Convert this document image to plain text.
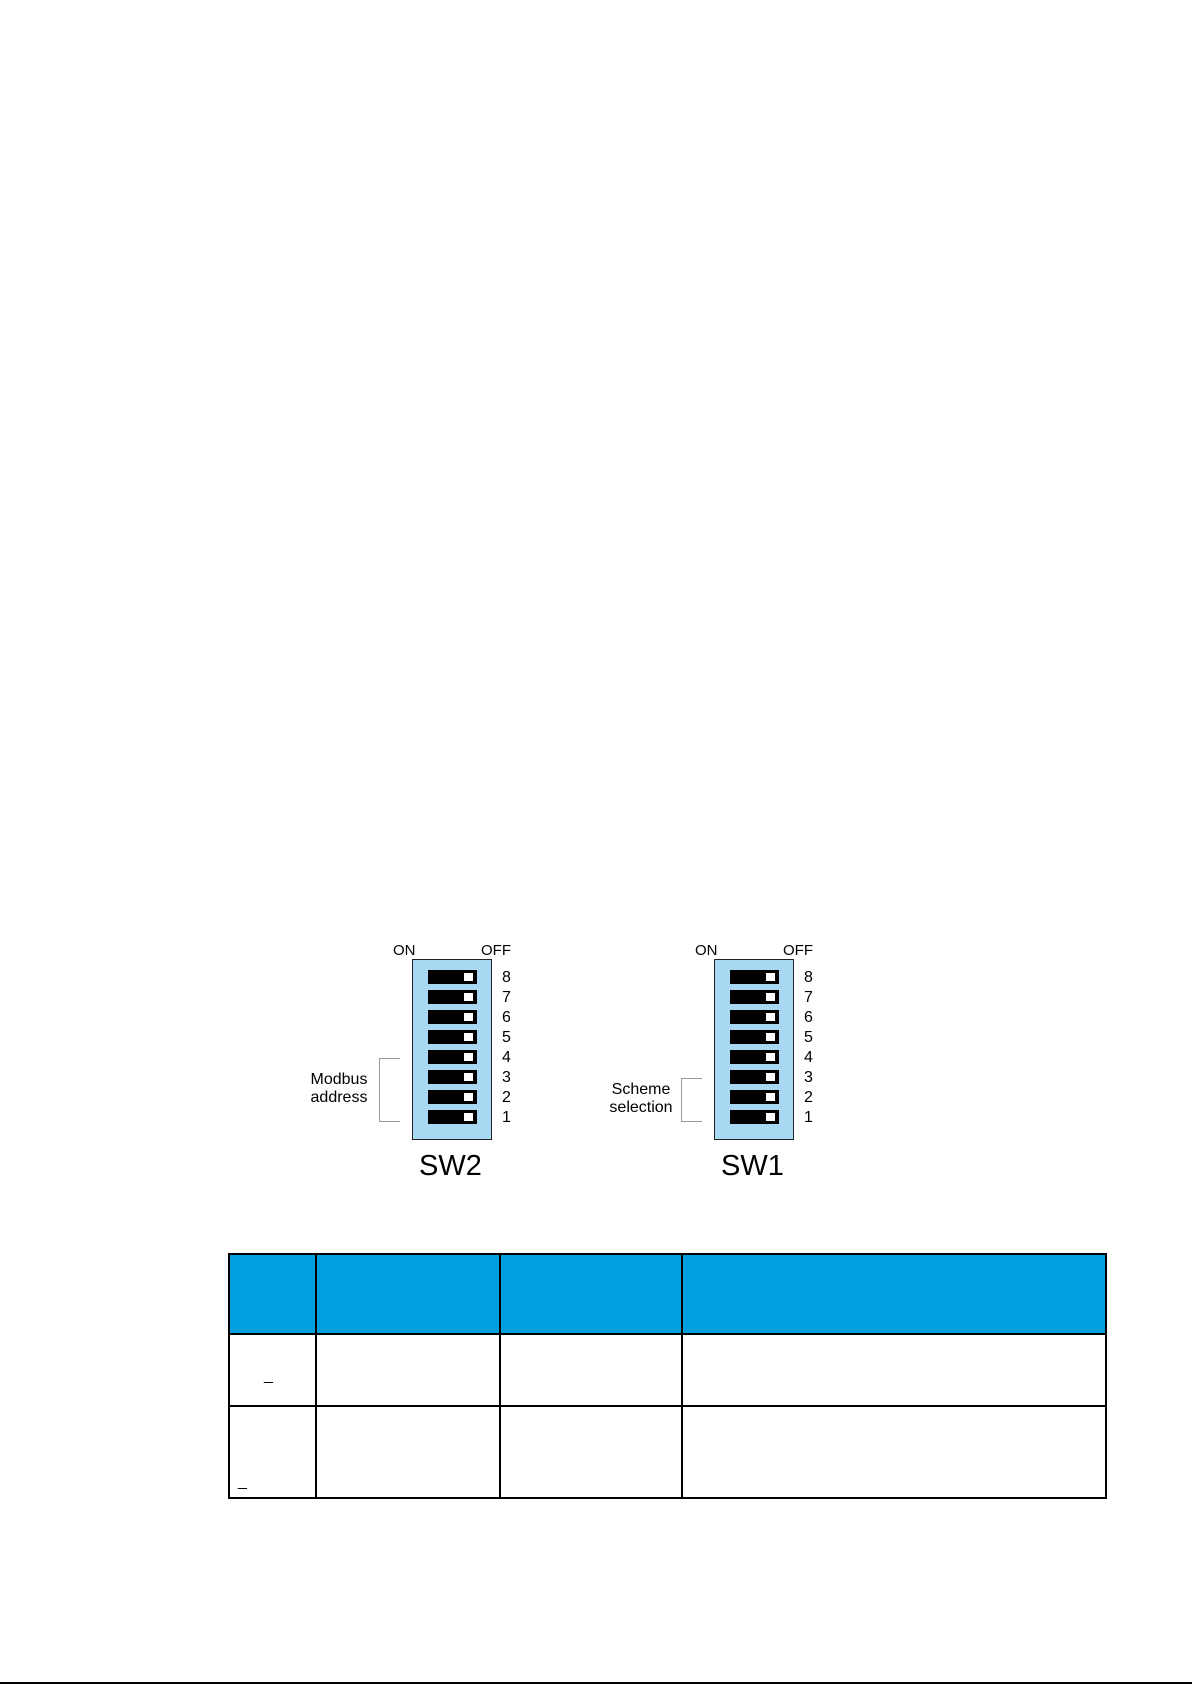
ON	OFF
8
7
6
5
4
3
2
1
Modbus
address
SW2
ON	OFF
8
7
6
5
4
3
2
1
Scheme
selection
SW1

_			
_			
